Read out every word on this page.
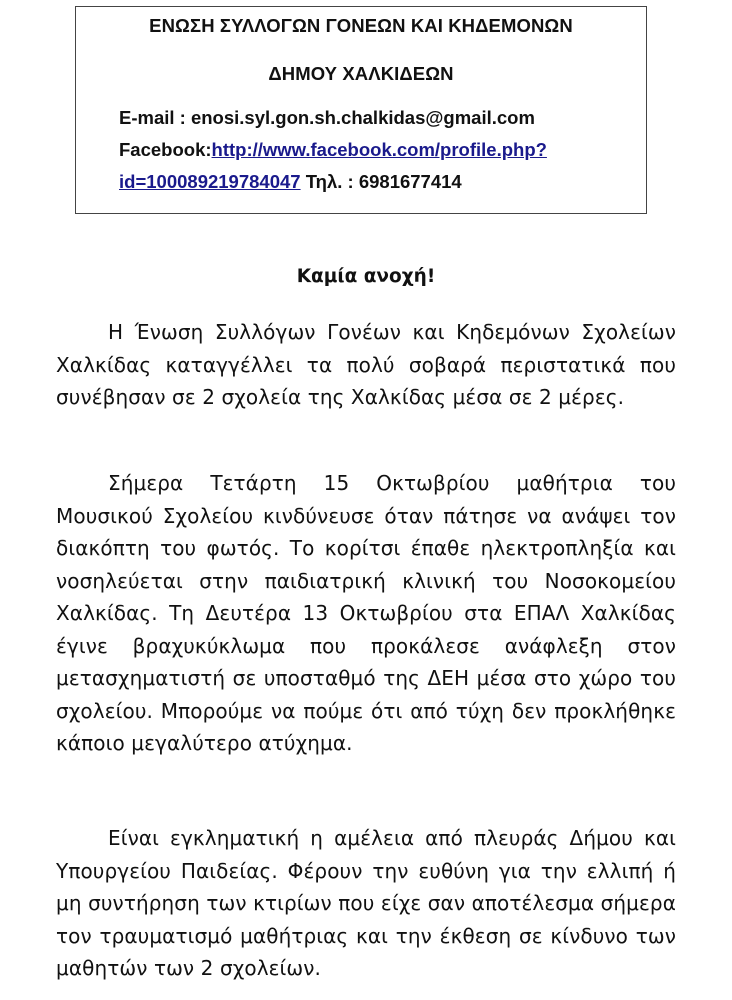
ΕΝΩΣΗ ΣΥΛΛΟΓΩΝ ΓΟΝΕΩΝ ΚΑΙ ΚΗΔΕΜΟΝΩΝ
ΔΗΜΟΥ ΧΑΛΚΙΔΕΩΝ
E-mail : enosi.syl.gon.sh.chalkidas@gmail.com
Facebook:http://www.facebook.com/profile.php?
id=100089219784047 Τηλ. : 6981677414
Καμία ανοχή!
Η Ένωση Συλλόγων Γονέων και Κηδεμόνων Σχολείων Χαλκίδας καταγγέλλει τα πολύ σοβαρά περιστατικά που συνέβησαν σε 2 σχολεία της Χαλκίδας μέσα σε 2 μέρες.
Σήμερα Τετάρτη 15 Οκτωβρίου μαθήτρια του Μουσικού Σχολείου κινδύνευσε όταν πάτησε να ανάψει τον διακόπτη του φωτός. Το κορίτσι έπαθε ηλεκτροπληξία και νοσηλεύεται στην παιδιατρική κλινική του Νοσοκομείου Χαλκίδας. Τη Δευτέρα 13 Οκτωβρίου στα ΕΠΑΛ Χαλκίδας έγινε βραχυκύκλωμα που προκάλεσε ανάφλεξη στον μετασχηματιστή σε υποσταθμό της ΔΕΗ μέσα στο χώρο του σχολείου. Μπορούμε να πούμε ότι από τύχη δεν προκλήθηκε κάποιο μεγαλύτερο ατύχημα.
Είναι εγκληματική η αμέλεια από πλευράς Δήμου και Υπουργείου Παιδείας. Φέρουν την ευθύνη για την ελλιπή ή μη συντήρηση των κτιρίων που είχε σαν αποτέλεσμα σήμερα τον τραυματισμό μαθήτριας και την έκθεση σε κίνδυνο των μαθητών των 2 σχολείων.
